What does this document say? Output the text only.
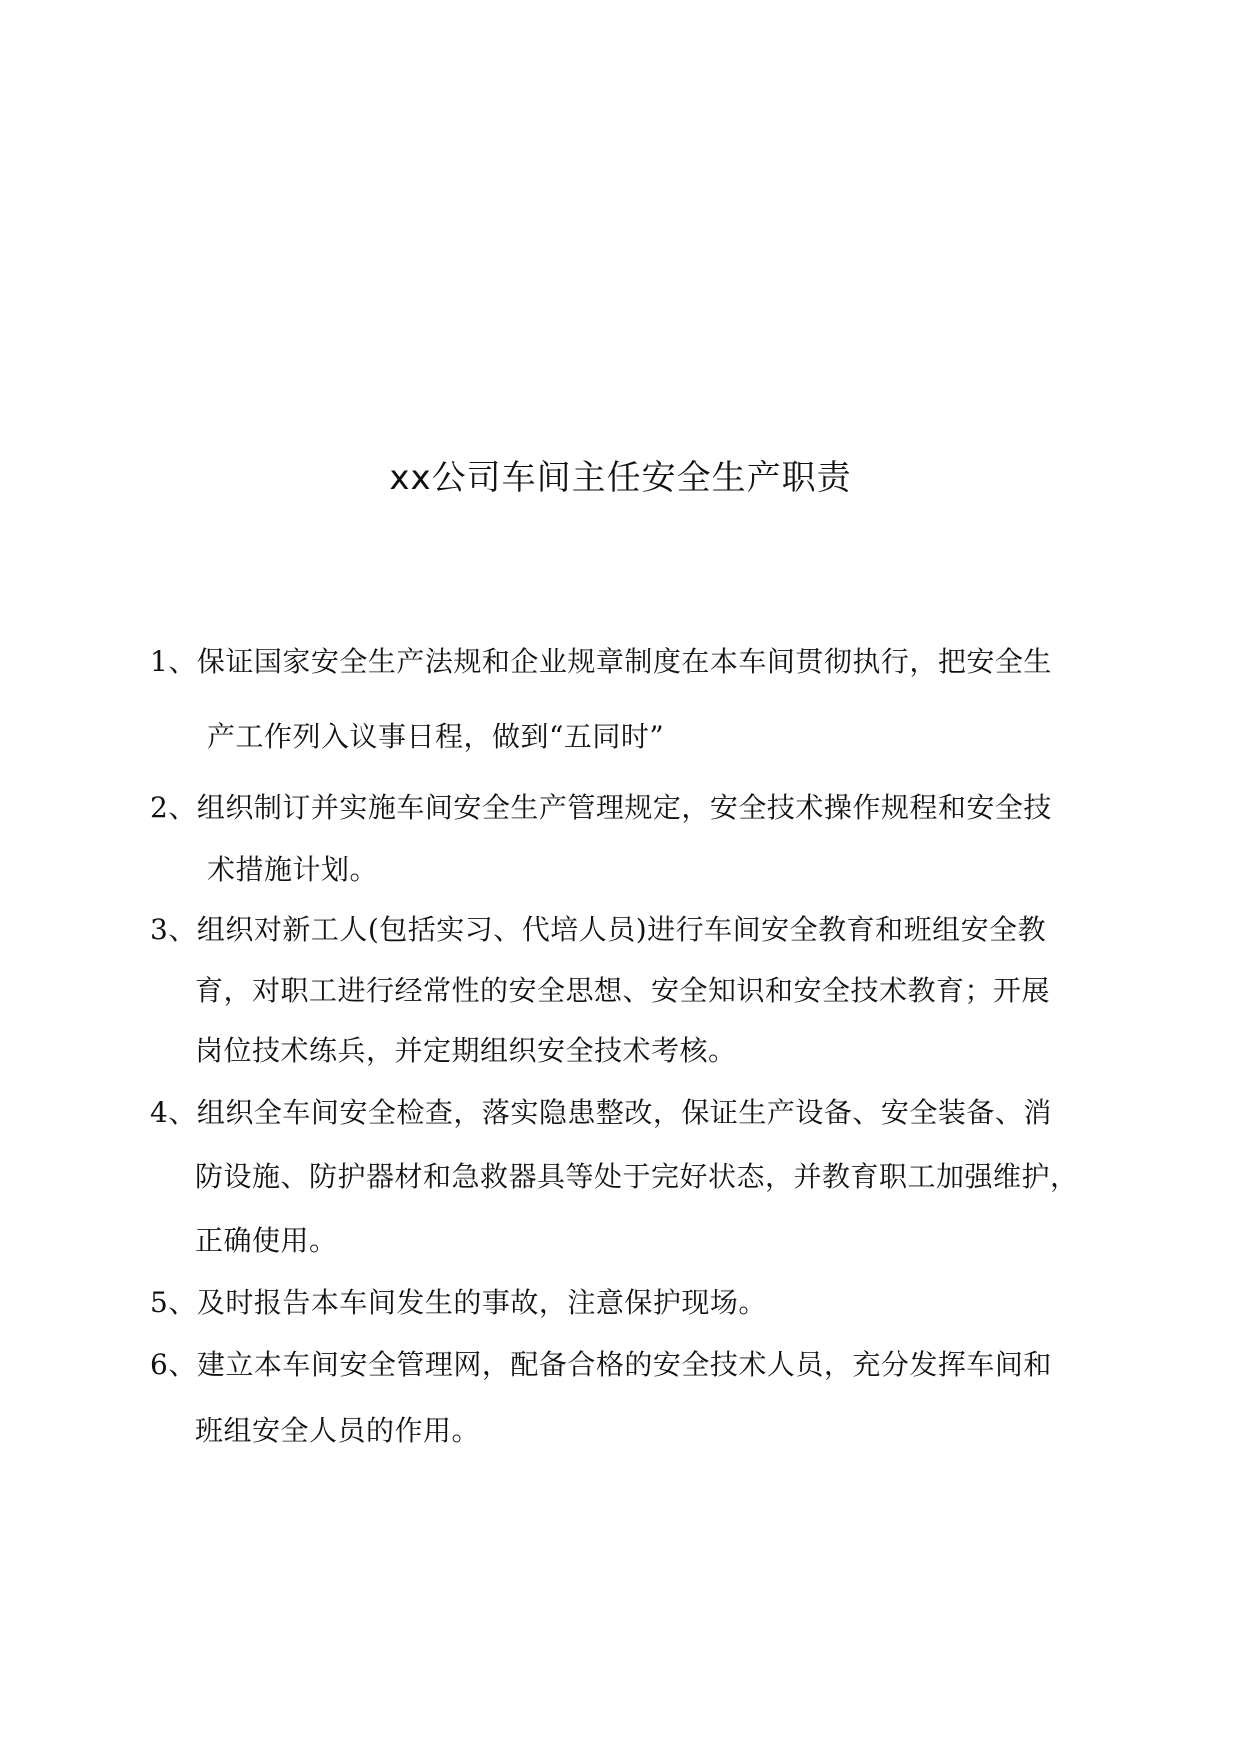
xx公司车间主任安全生产职责
1、保证国家安全生产法规和企业规章制度在本车间贯彻执行，把安全生
产工作列入议事日程，做到“五同时”
2、组织制订并实施车间安全生产管理规定，安全技术操作规程和安全技
术措施计划。
3、组织对新工人(包括实习、代培人员)进行车间安全教育和班组安全教
育，对职工进行经常性的安全思想、安全知识和安全技术教育；开展
岗位技术练兵，并定期组织安全技术考核。
4、组织全车间安全检查，落实隐患整改，保证生产设备、安全装备、消
防设施、防护器材和急救器具等处于完好状态，并教育职工加强维护，
正确使用。
5、及时报告本车间发生的事故，注意保护现场。
6、建立本车间安全管理网，配备合格的安全技术人员，充分发挥车间和
班组安全人员的作用。
